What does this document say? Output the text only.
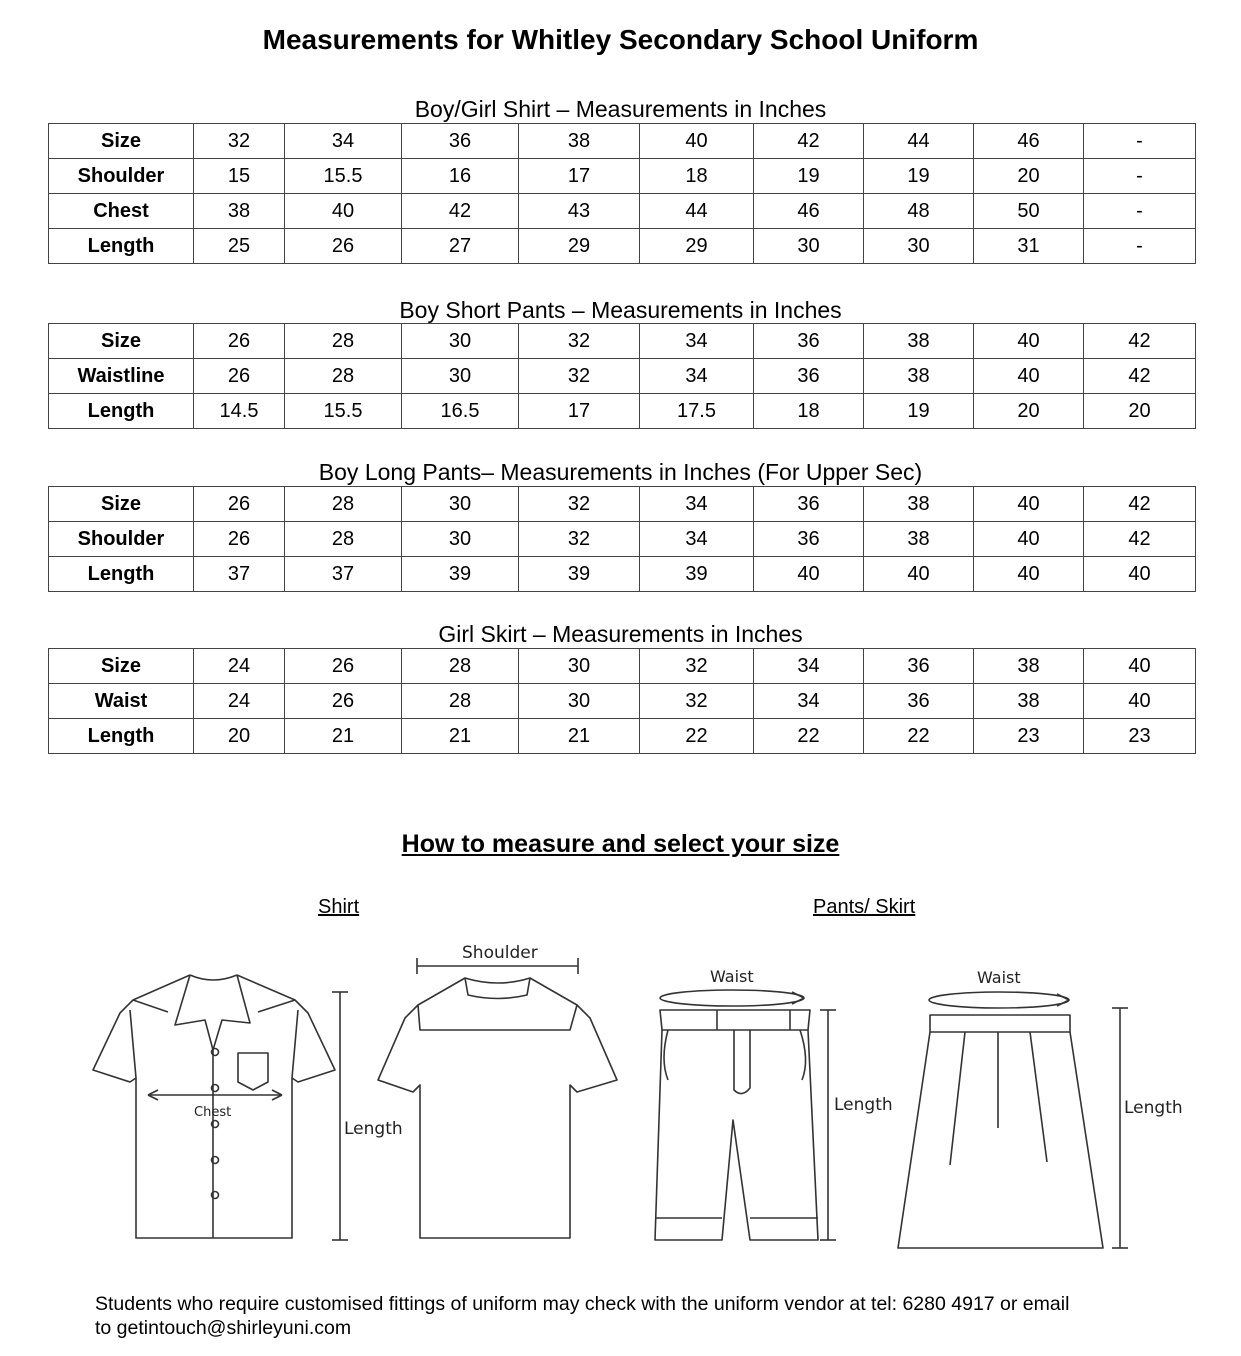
Measurements for Whitley Secondary School Uniform
Boy/Girl Shirt – Measurements in Inches
Size	32	34	36	38	40	42	44	46	-
Shoulder	15	15.5	16	17	18	19	19	20	-
Chest	38	40	42	43	44	46	48	50	-
Length	25	26	27	29	29	30	30	31	-
Boy Short Pants – Measurements in Inches
Size	26	28	30	32	34	36	38	40	42
Waistline	26	28	30	32	34	36	38	40	42
Length	14.5	15.5	16.5	17	17.5	18	19	20	20
Boy Long Pants– Measurements in Inches (For Upper Sec)
Size	26	28	30	32	34	36	38	40	42
Shoulder	26	28	30	32	34	36	38	40	42
Length	37	37	39	39	39	40	40	40	40
Girl Skirt – Measurements in Inches
Size	24	26	28	30	32	34	36	38	40
Waist	24	26	28	30	32	34	36	38	40
Length	20	21	21	21	22	22	22	23	23
How to measure and select your size
Shirt	Pants/ Skirt
Chest
Length
Shoulder
Waist
Length
Waist
Length
Students who require customised fittings of uniform may check with the uniform vendor at tel: 6280 4917 or email
to getintouch@shirleyuni.com
